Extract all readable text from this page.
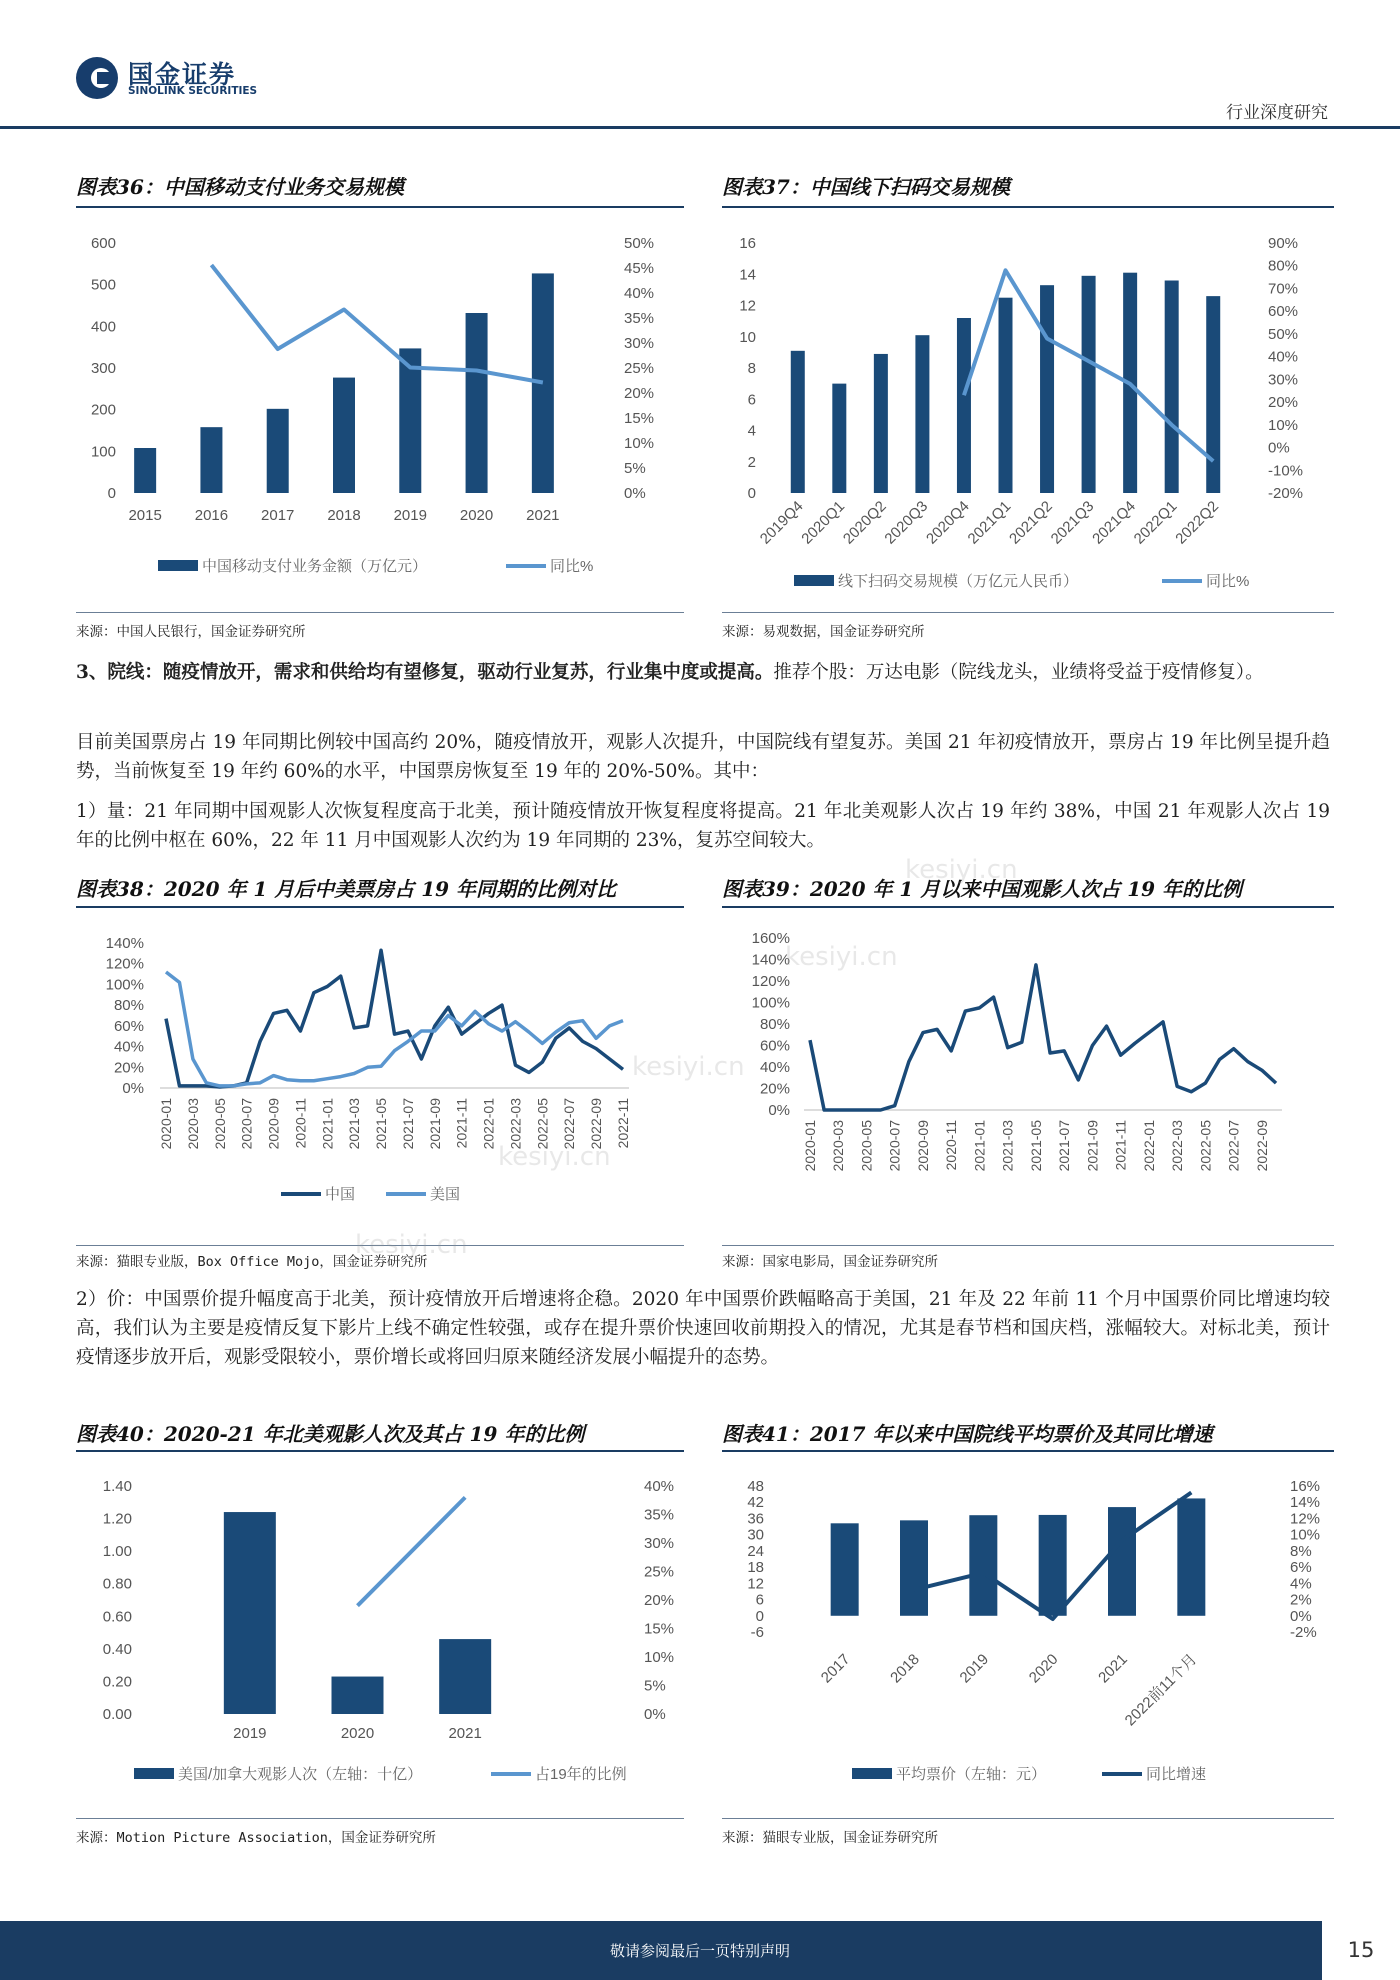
国金证券
SINOLINK SECURITIES
行业深度研究
图表36：中国移动支付业务交易规模	图表37：中国线下扫码交易规模
0
100
200
300
400
500
600
0%
5%
10%
15%
20%
25%
30%
35%
40%
45%
50%
2015 2016 2017 2018 2019 2020 2021
中国移动支付业务金额（万亿元）	同比%
0
2
4
6
8
10
12
14
16
-20%
-10%
0%
10%
20%
30%
40%
50%
60%
70%
80%
90%
2019Q4
2020Q1
2020Q2
2020Q3
2020Q4
2021Q1
2021Q2
2021Q3
2021Q4
2022Q1
2022Q2
线下扫码交易规模（万亿元人民币）	同比%
来源：中国人民银行，国金证券研究所	来源：易观数据，国金证券研究所
3、院线：随疫情放开，需求和供给均有望修复，驱动行业复苏，行业集中度或提高。推荐个股：万达电影（院线龙头，业绩将受益于疫情修复）。
目前美国票房占 19 年同期比例较中国高约 20%，随疫情放开，观影人次提升，中国院线有望复苏。美国 21 年初疫情放开，票房占 19 年比例呈提升趋势，当前恢复至 19 年约 60%的水平，中国票房恢复至 19 年的 20%-50%。其中：
1）量：21 年同期中国观影人次恢复程度高于北美，预计随疫情放开恢复程度将提高。21 年北美观影人次占 19 年约 38%，中国 21 年观影人次占 19 年的比例中枢在 60%，22 年 11 月中国观影人次约为 19 年同期的 23%，复苏空间较大。
图表38：2020 年 1 月后中美票房占 19 年同期的比例对比	图表39：2020 年 1 月以来中国观影人次占 19 年的比例
0%
20%
40%
60%
80%
100%
120%
140%
2020-01 2020-03 2020-05 2020-07 2020-09 2020-11 2021-01 2021-03 2021-05 2021-07 2021-09 2021-11 2022-01 2022-03 2022-05 2022-07 2022-09 2022-11
中国	美国
0%
20%
40%
60%
80%
100%
120%
140%
160%
2020-01 2020-03 2020-05 2020-07 2020-09 2020-11 2021-01 2021-03 2021-05 2021-07 2021-09 2021-11 2022-01 2022-03 2022-05 2022-07 2022-09
来源：猫眼专业版，Box Office Mojo，国金证券研究所	来源：国家电影局，国金证券研究所
2）价：中国票价提升幅度高于北美，预计疫情放开后增速将企稳。2020 年中国票价跌幅略高于美国，21 年及 22 年前 11 个月中国票价同比增速均较高，我们认为主要是疫情反复下影片上线不确定性较强，或存在提升票价快速回收前期投入的情况，尤其是春节档和国庆档，涨幅较大。对标北美，预计疫情逐步放开后，观影受限较小，票价增长或将回归原来随经济发展小幅提升的态势。
图表40：2020-21 年北美观影人次及其占 19 年的比例	图表41：2017 年以来中国院线平均票价及其同比增速
0.00
0.20
0.40
0.60
0.80
1.00
1.20
1.40
0%
5%
10%
15%
20%
25%
30%
35%
40%
2019	2020	2021
美国/加拿大观影人次（左轴：十亿）	占19年的比例
-6
0
6
12
18
24
30
36
42
48
-2%
0%
2%
4%
6%
8%
10%
12%
14%
16%
2017 2018 2019 2020 2021
2022前11个月
平均票价（左轴：元）	同比增速
来源：Motion Picture Association，国金证券研究所	来源：猫眼专业版，国金证券研究所
kesiyi.cn
kesiyi.cn
kesiyi.cn
kesiyi.cn
kesiyi.cn
敬请参阅最后一页特别声明	15
